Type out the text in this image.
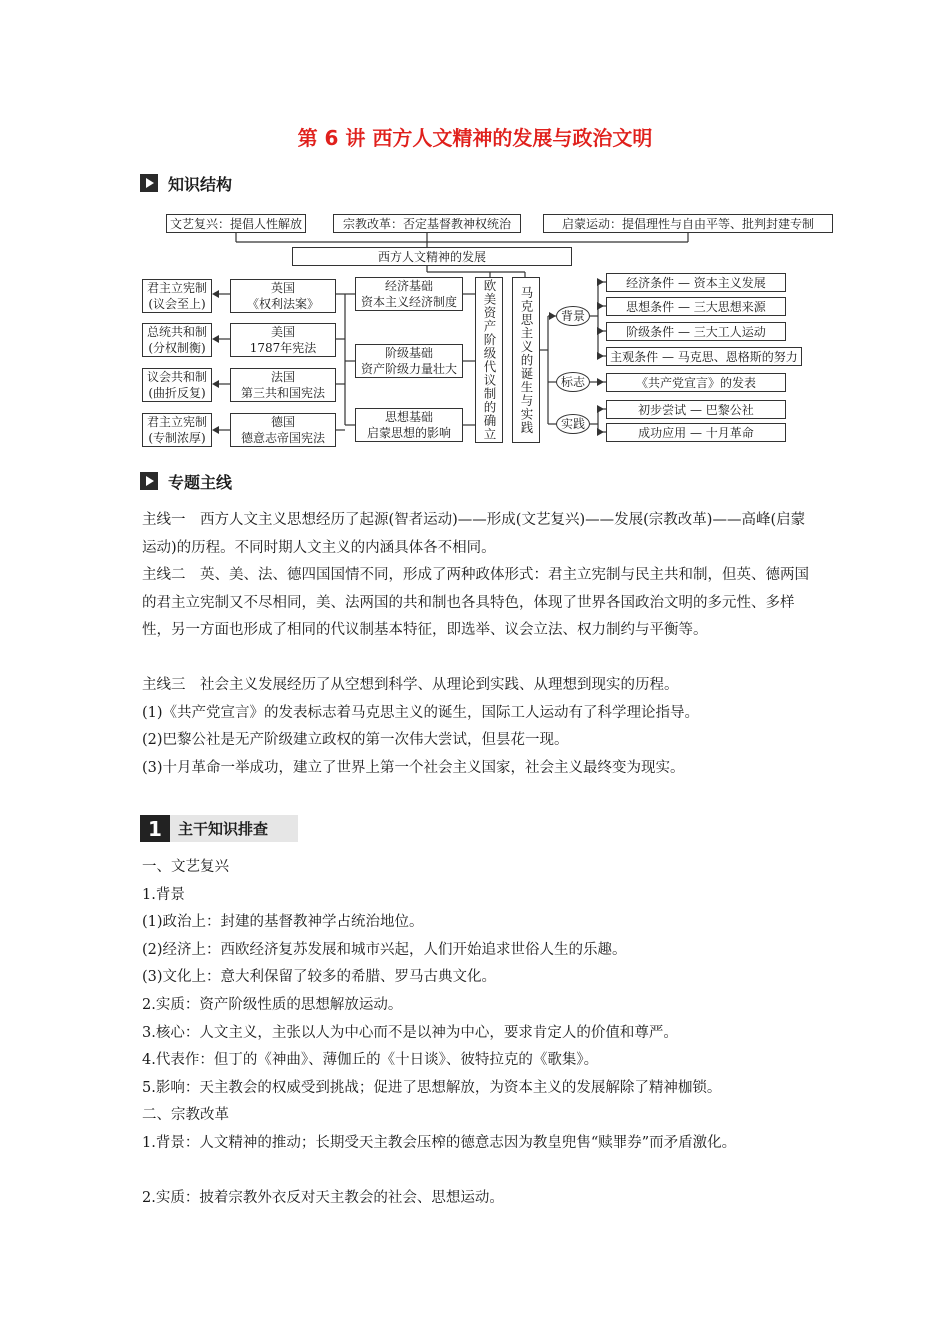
第 6 讲 西方人文精神的发展与政治文明
知识结构
文艺复兴：提倡人性解放	宗教改革：否定基督教神权统治	启蒙运动：提倡理性与自由平等、批判封建专制
西方人文精神的发展
君主立宪制
(议会至上)
总统共和制
(分权制衡)
议会共和制
(曲折反复)
君主立宪制
(专制浓厚)
英国
《权利法案》
美国
1787年宪法
法国
第三共和国宪法
德国
德意志帝国宪法
经济基础
资本主义经济制度
阶级基础
资产阶级力量壮大
思想基础
启蒙思想的影响	欧美资产阶级代议制的确立	马克思主义的诞生与实践	背景
标志
实践
经济条件 — 资本主义发展
思想条件 — 三大思想来源
阶级条件 — 三大工人运动
主观条件 — 马克思、恩格斯的努力
《共产党宣言》的发表
初步尝试 — 巴黎公社
成功应用 — 十月革命
专题主线
主线一　西方人文主义思想经历了起源(智者运动)——形成(文艺复兴)——发展(宗教改革)——高峰(启蒙运动)的历程。不同时期人文主义的内涵具体各不相同。
主线二　英、美、法、德四国国情不同，形成了两种政体形式：君主立宪制与民主共和制，但英、德两国的君主立宪制又不尽相同，美、法两国的共和制也各具特色，体现了世界各国政治文明的多元性、多样性，另一方面也形成了相同的代议制基本特征，即选举、议会立法、权力制约与平衡等。
主线三　社会主义发展经历了从空想到科学、从理论到实践、从理想到现实的历程。
(1)《共产党宣言》的发表标志着马克思主义的诞生，国际工人运动有了科学理论指导。
(2)巴黎公社是无产阶级建立政权的第一次伟大尝试，但昙花一现。
(3)十月革命一举成功，建立了世界上第一个社会主义国家，社会主义最终变为现实。
1	主干知识排查
一、文艺复兴
1.背景
(1)政治上：封建的基督教神学占统治地位。
(2)经济上：西欧经济复苏发展和城市兴起，人们开始追求世俗人生的乐趣。
(3)文化上：意大利保留了较多的希腊、罗马古典文化。
2.实质：资产阶级性质的思想解放运动。
3.核心：人文主义，主张以人为中心而不是以神为中心，要求肯定人的价值和尊严。
4.代表作：但丁的《神曲》、薄伽丘的《十日谈》、彼特拉克的《歌集》。
5.影响：天主教会的权威受到挑战；促进了思想解放，为资本主义的发展解除了精神枷锁。
二、宗教改革
1.背景：人文精神的推动；长期受天主教会压榨的德意志因为教皇兜售“赎罪券”而矛盾激化。
2.实质：披着宗教外衣反对天主教会的社会、思想运动。
